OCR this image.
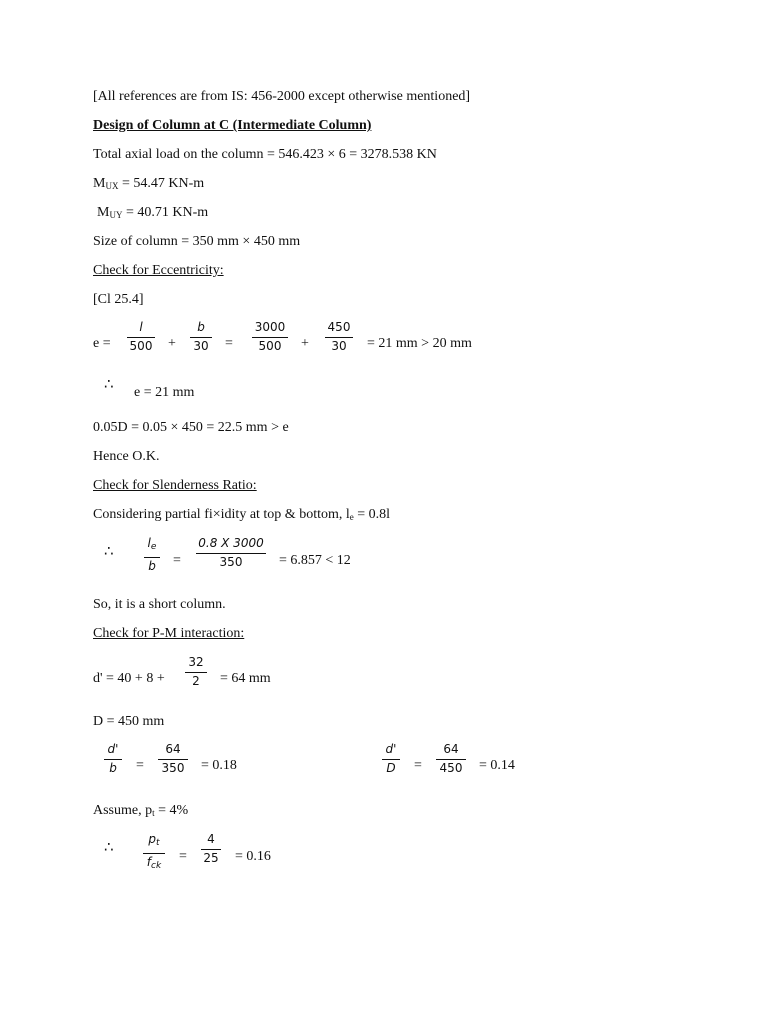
[All references are from IS: 456-2000 except otherwise mentioned]
Design of Column at C (Intermediate Column)
Total axial load on the column = 546.423 × 6 = 3278.538 KN
$M_{UX} = 54.47$ KN-m
$M_{UY} = 40.71$ KN-m
Size of column = 350 mm × 450 mm
Check for Eccentricity:
[Cl 25.4]
e =
l
500 +
b
30 =
3000
500 +
450
30 = 21 mm > 20 mm
∴ e = 21 mm
0.05D = 0.05 × 450 = 22.5 mm > e
Hence O.K.
Check for Slenderness Ratio:
Considering partial fi×idity at top & bottom, $l_e = 0.8l$
∴	$l_e$
b =
0.8 X 3000
350	= 6.857 < 12
So, it is a short column.
Check for P-M interaction:
d' = 40 + 8 +
32
2 = 64 mm
D = 450 mm
d'
b =
64
350 = 0.18
d'
D =
64
450 = 0.14
Assume, $p_t = 4\%$
∴	$p_t$
$f_{ck}$
=
4
25 = 0.16
